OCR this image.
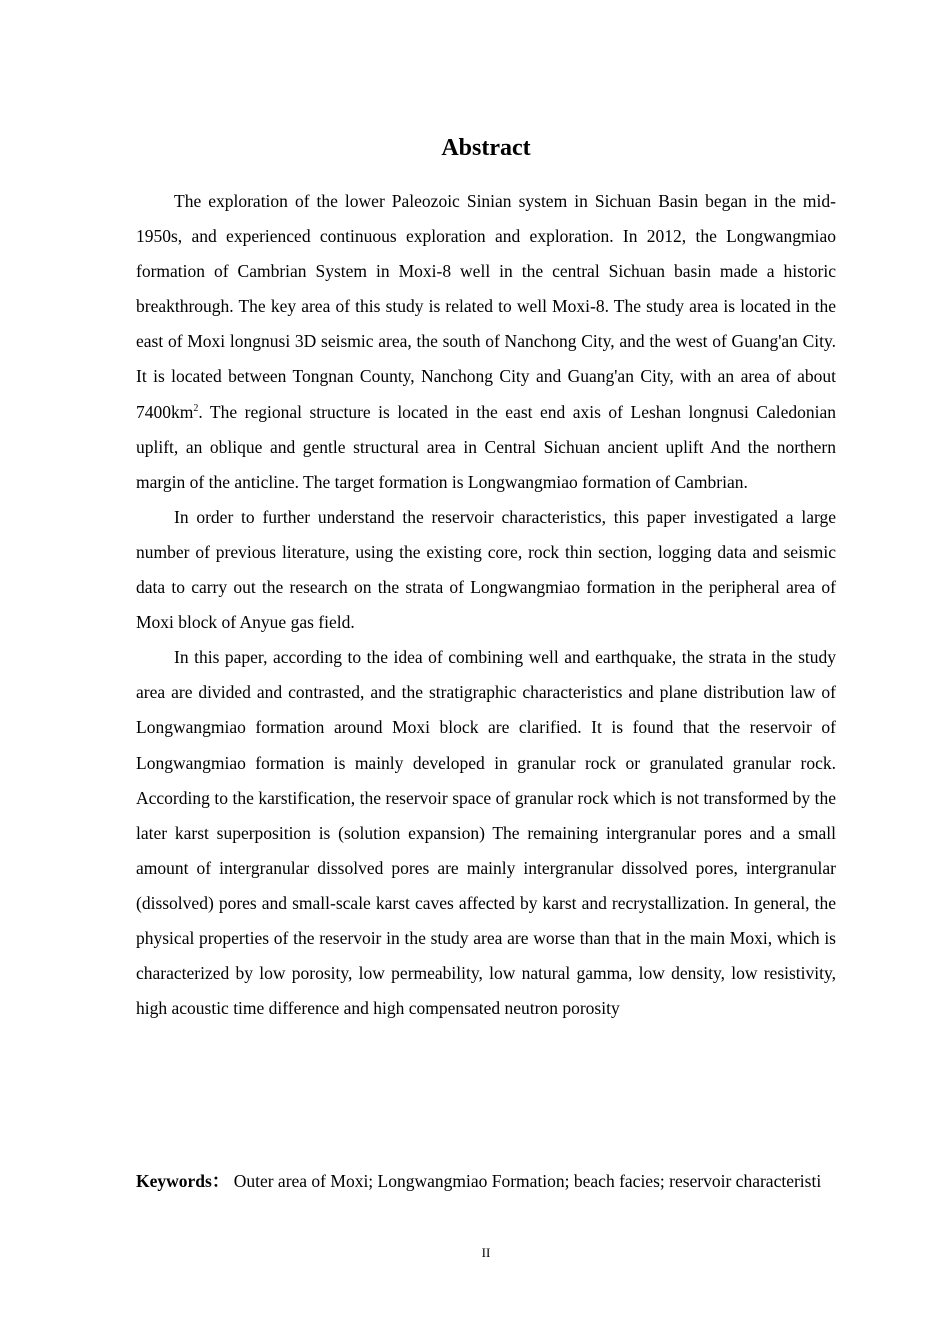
Abstract

The exploration of the lower Paleozoic Sinian system in Sichuan Basin began in the mid-1950s, and experienced continuous exploration and exploration. In 2012, the Longwangmiao formation of Cambrian System in Moxi-8 well in the central Sichuan basin made a historic breakthrough. The key area of this study is related to well Moxi-8. The study area is located in the east of Moxi longnusi 3D seismic area, the south of Nanchong City, and the west of Guang'an City. It is located between Tongnan County, Nanchong City and Guang'an City, with an area of about $7400km^2$. The regional structure is located in the east end axis of Leshan longnusi Caledonian uplift, an oblique and gentle structural area in Central Sichuan ancient uplift And the northern margin of the anticline. The target formation is Longwangmiao formation of Cambrian.

In order to further understand the reservoir characteristics, this paper investigated a large number of previous literature, using the existing core, rock thin section, logging data and seismic data to carry out the research on the strata of Longwangmiao formation in the peripheral area of Moxi block of Anyue gas field.

In this paper, according to the idea of combining well and earthquake, the strata in the study area are divided and contrasted, and the stratigraphic characteristics and plane distribution law of Longwangmiao formation around Moxi block are clarified. It is found that the reservoir of Longwangmiao formation is mainly developed in granular rock or granulated granular rock. According to the karstification, the reservoir space of granular rock which is not transformed by the later karst superposition is (solution expansion) The remaining intergranular pores and a small amount of intergranular dissolved pores are mainly intergranular dissolved pores, intergranular (dissolved) pores and small-scale karst caves affected by karst and recrystallization. In general, the physical properties of the reservoir in the study area are worse than that in the main Moxi, which is characterized by low porosity, low permeability, low natural gamma, low density, low resistivity, high acoustic time difference and high compensated neutron porosity

Keywords： Outer area of Moxi; Longwangmiao Formation; beach facies; reservoir characteristi

II
